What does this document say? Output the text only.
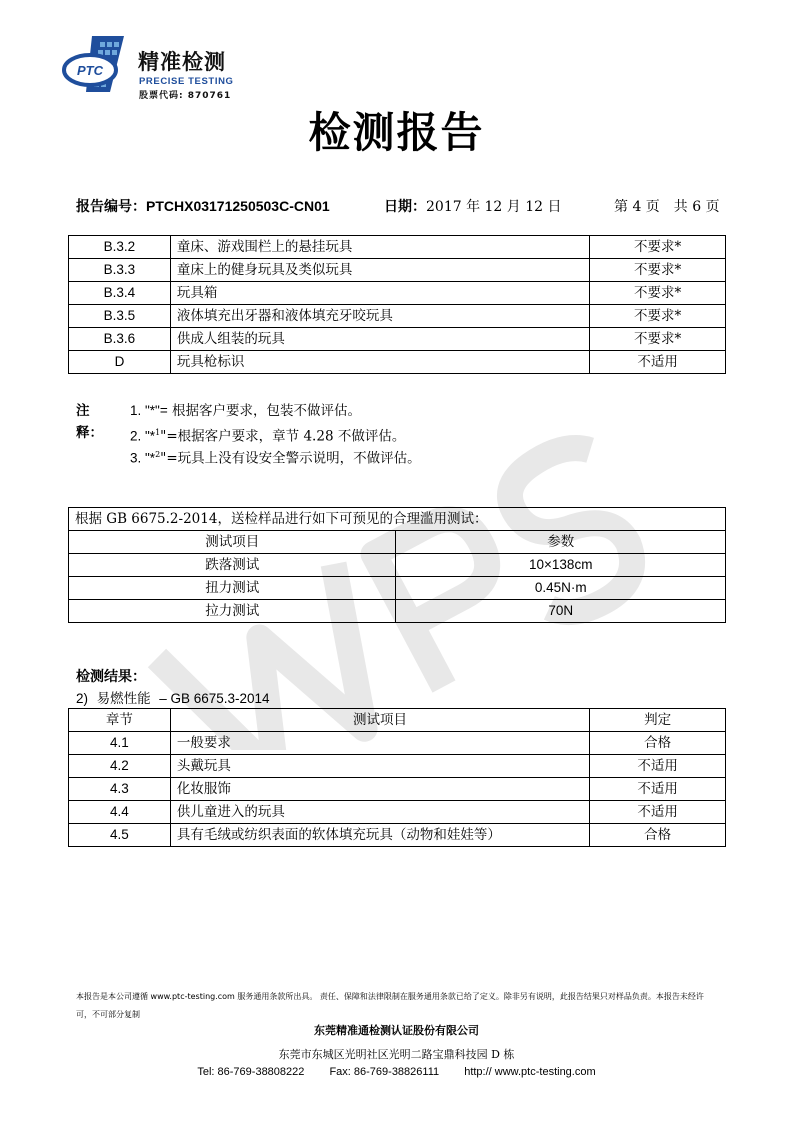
PTC 精准检测
PRECISE TESTING
股票代码: 870761
检测报告
报告编号：PTCHX03171250503C-CN01	日期：2017 年 12 月 12 日	第 4 页　共 6 页
B.3.2	童床、游戏围栏上的悬挂玩具	不要求*
B.3.3	童床上的健身玩具及类似玩具	不要求*
B.3.4	玩具箱	不要求*
B.3.5	液体填充出牙器和液体填充牙咬玩具	不要求*
B.3.6	供成人组装的玩具	不要求*
D	玩具枪标识	不适用
注释：
1. "*"= 根据客户要求，包装不做评估。
2. "*$^1$"=根据客户要求，章节 4.28 不做评估。
3. "*$^2$"=玩具上没有设安全警示说明，不做评估。
根据 GB 6675.2-2014，送检样品进行如下可预见的合理滥用测试：	
测试项目	参数
跌落测试	10×138cm
扭力测试	0.45N·m
拉力测试	70N
检测结果：
2) 易燃性能 – GB 6675.3-2014
章节	测试项目	判定
4.1	一般要求	合格
4.2	头戴玩具	不适用
4.3	化妆服饰	不适用
4.4	供儿童进入的玩具	不适用
4.5	具有毛绒或纺织表面的软体填充玩具（动物和娃娃等）	合格
本报告是本公司遵循 www.ptc-testing.com 服务通用条款所出具。 责任、保障和法律限制在服务通用条款已给了定义。除非另有说明，此报告结果只对样品负责。本报告未经许可，不可部分复制
东莞精准通检测认证股份有限公司
东莞市东城区光明社区光明二路宝鼎科技园 D 栋
Tel: 86-769-38808222 Fax: 86-769-38826111 http:// www.ptc-testing.com
